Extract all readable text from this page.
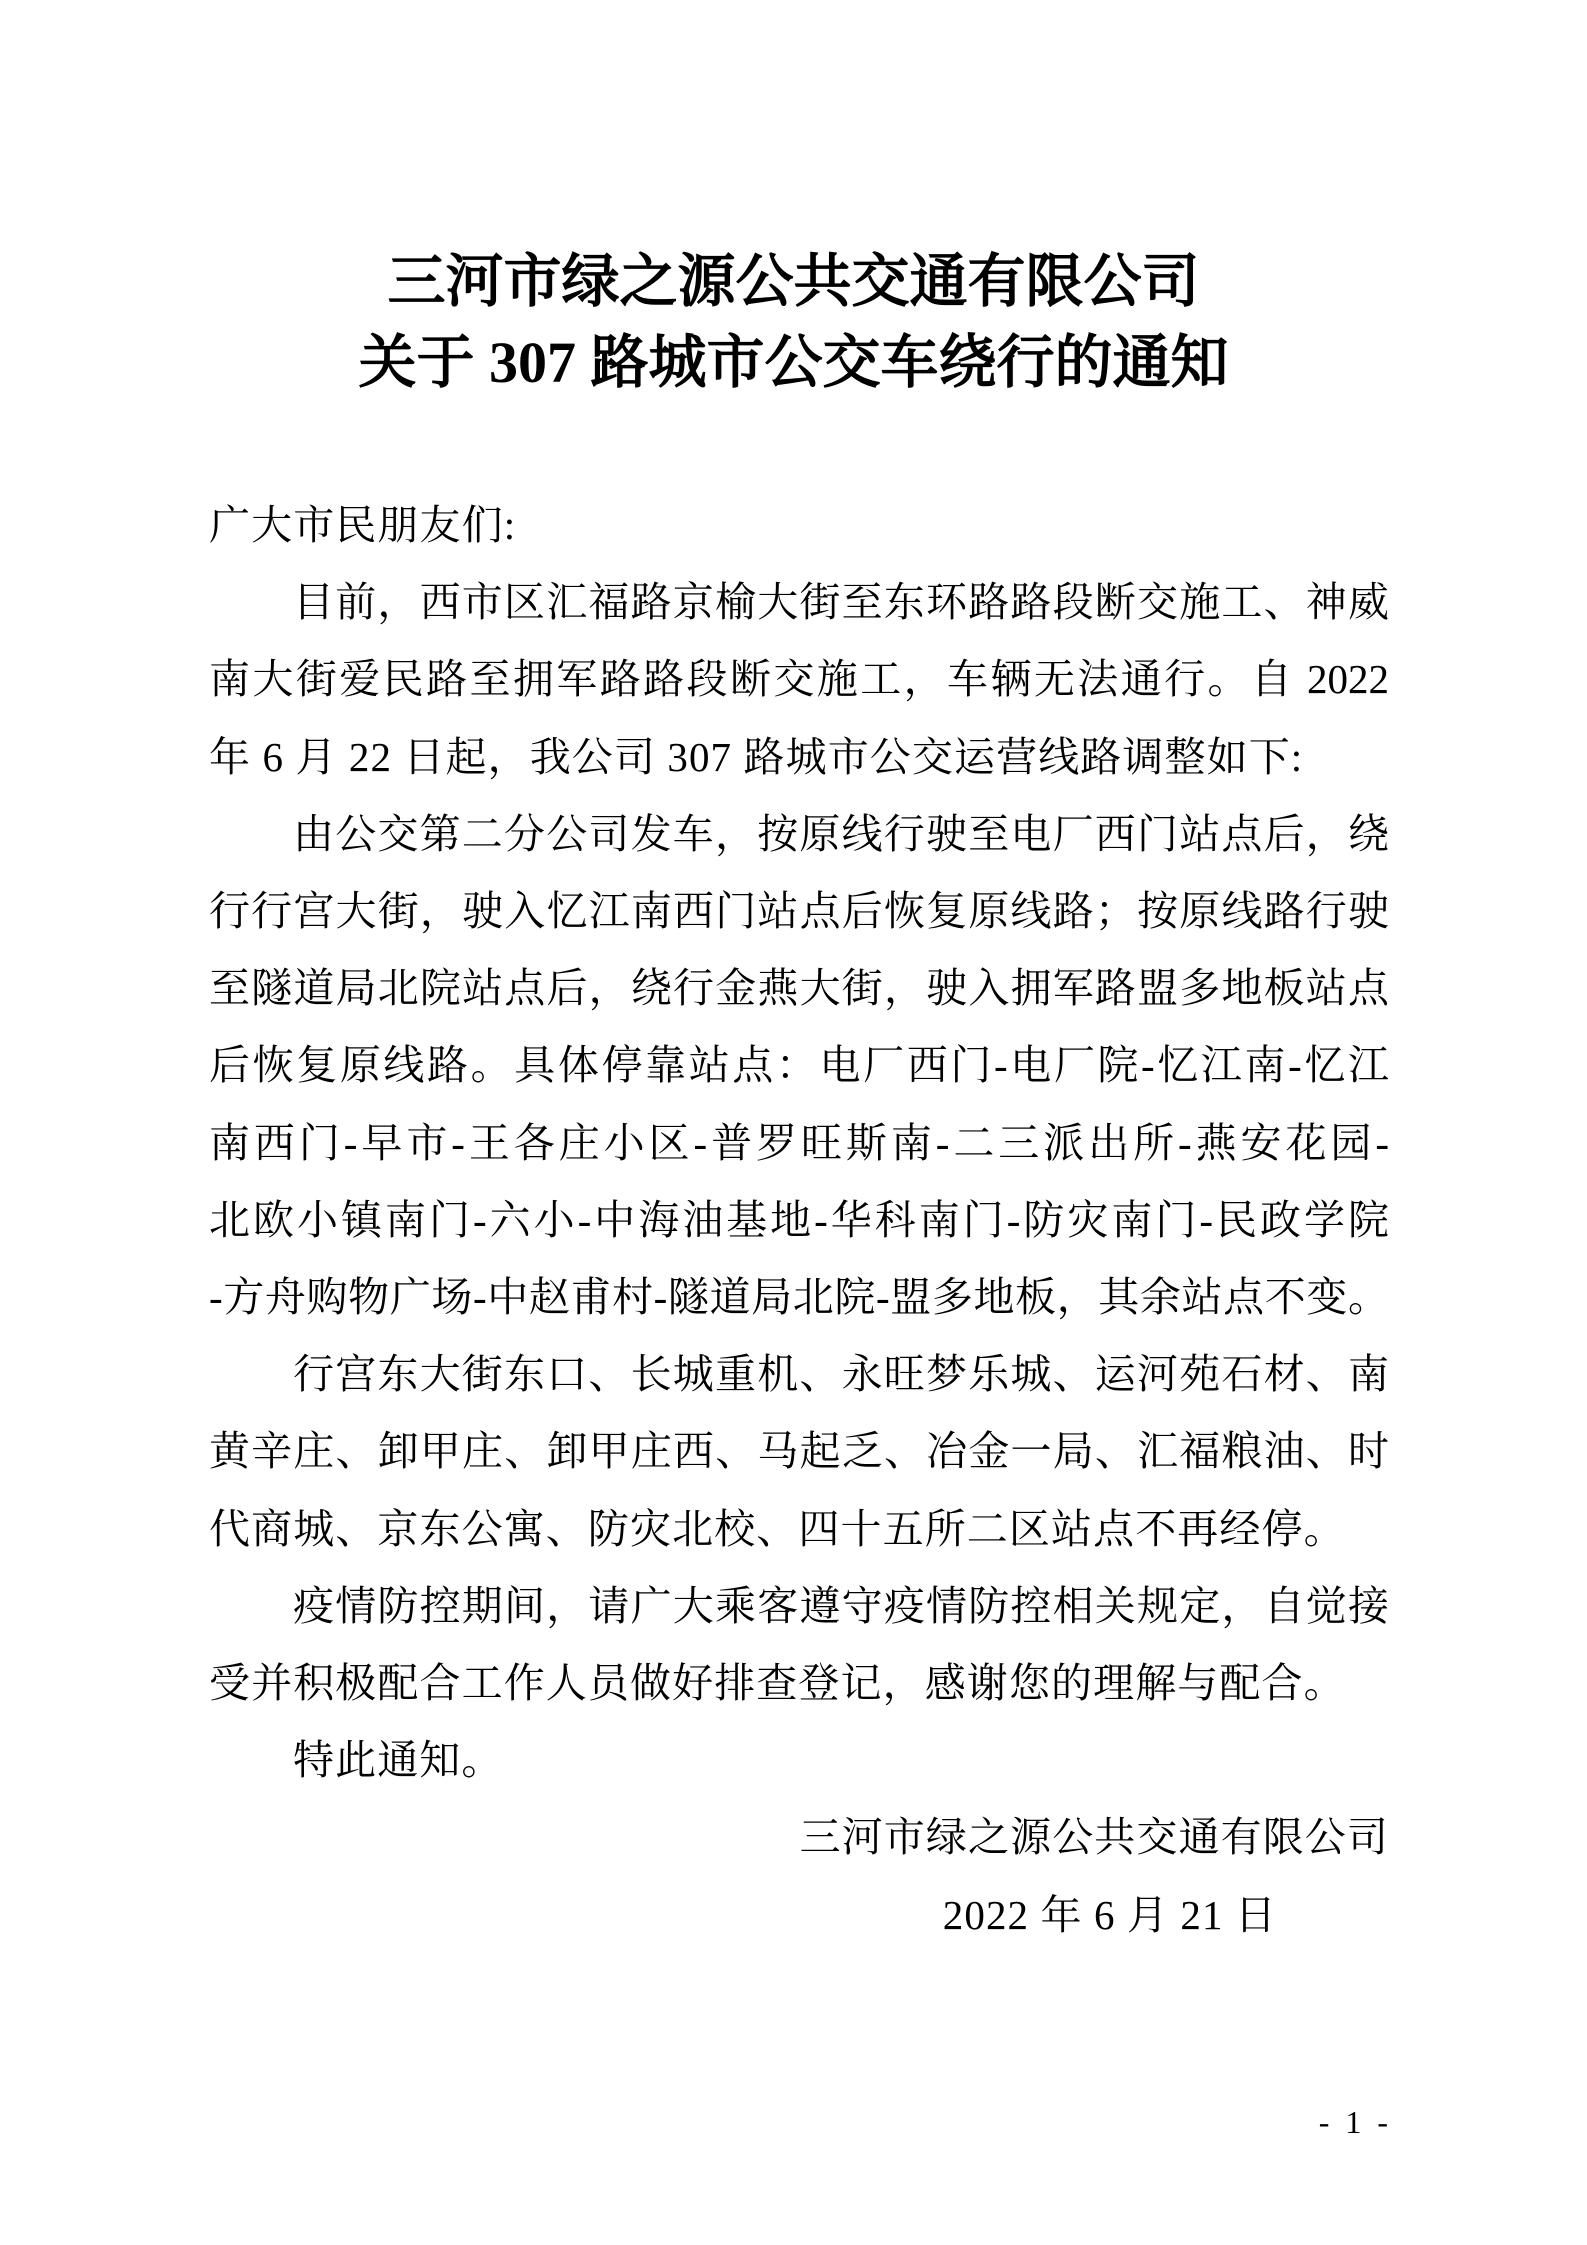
三河市绿之源公共交通有限公司
关于 307 路城市公交车绕行的通知
广大市民朋友们:
目前，西市区汇福路京榆大街至东环路路段断交施工、神威
南大街爱民路至拥军路路段断交施工，车辆无法通行。自 2022
年 6 月 22 日起，我公司 307 路城市公交运营线路调整如下:
由公交第二分公司发车，按原线行驶至电厂西门站点后，绕
行行宫大街，驶入忆江南西门站点后恢复原线路；按原线路行驶
至隧道局北院站点后，绕行金燕大街，驶入拥军路盟多地板站点
后恢复原线路。具体停靠站点：电厂西门-电厂院-忆江南-忆江
南西门-早市-王各庄小区-普罗旺斯南-二三派出所-燕安花园-
北欧小镇南门-六小-中海油基地-华科南门-防灾南门-民政学院
-方舟购物广场-中赵甫村-隧道局北院-盟多地板，其余站点不变。
行宫东大街东口、长城重机、永旺梦乐城、运河苑石材、南
黄辛庄、卸甲庄、卸甲庄西、马起乏、冶金一局、汇福粮油、时
代商城、京东公寓、防灾北校、四十五所二区站点不再经停。
疫情防控期间，请广大乘客遵守疫情防控相关规定，自觉接
受并积极配合工作人员做好排查登记，感谢您的理解与配合。
特此通知。
三河市绿之源公共交通有限公司
2022 年 6 月 21 日
- 1 -
